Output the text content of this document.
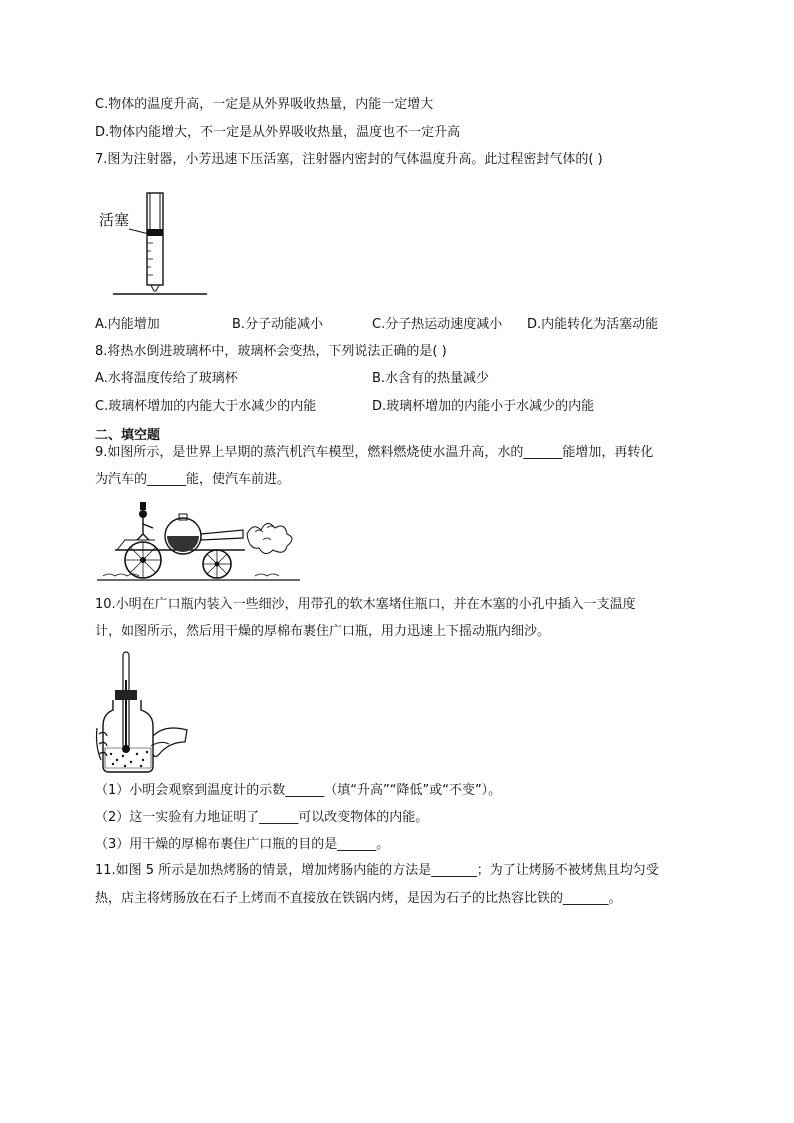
C.物体的温度升高，一定是从外界吸收热量，内能一定增大
D.物体内能增大，不一定是从外界吸收热量，温度也不一定升高
7.图为注射器，小芳迅速下压活塞，注射器内密封的气体温度升高。此过程密封气体的( )
活塞
A.内能增加	B.分子动能减小	C.分子热运动速度减小 D.内能转化为活塞动能
8.将热水倒进玻璃杯中，玻璃杯会变热，下列说法正确的是( )
A.水将温度传给了玻璃杯	B.水含有的热量减少
C.玻璃杯增加的内能大于水减少的内能	D.玻璃杯增加的内能小于水减少的内能
二、填空题
9.如图所示，是世界上早期的蒸汽机汽车模型，燃料燃烧使水温升高，水的______能增加，再转化
为汽车的______能，使汽车前进。
10.小明在广口瓶内装入一些细沙，用带孔的软木塞堵住瓶口，并在木塞的小孔中插入一支温度
计，如图所示，然后用干燥的厚棉布裹住广口瓶，用力迅速上下摇动瓶内细沙。
（1）小明会观察到温度计的示数______（填“升高”“降低”或“不变”）。
（2）这一实验有力地证明了______可以改变物体的内能。
（3）用干燥的厚棉布裹住广口瓶的目的是______。
11.如图 5 所示是加热烤肠的情景，增加烤肠内能的方法是_______；为了让烤肠不被烤焦且均匀受
热，店主将烤肠放在石子上烤而不直接放在铁锅内烤，是因为石子的比热容比铁的_______。
